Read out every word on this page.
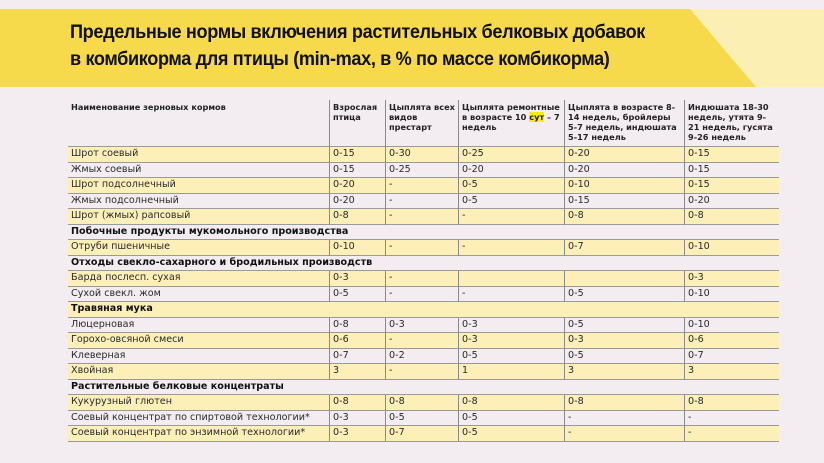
Предельные нормы включения растительных белковых добавок
в комбикорма для птицы (min-max, в % по массе комбикорма)
Наименование зерновых кормов	Взрослая птица	Цыплята всех видов престарт	Цыплята ремонтные в возрасте 10 сут – 7 недель	Цыплята в возрасте 8-14 недель, бройлеры 5-7 недель, индюшата 5-17 недель	Индюшата 18-30 недель, утята 9-21 недель, гусята 9-26 недель
Шрот соевый	0-15	0-30	0-25	0-20	0-15
Жмых соевый	0-15	0-25	0-20	0-20	0-15
Шрот подсолнечный	0-20	-	0-5	0-10	0-15
Жмых подсолнечный	0-20	-	0-5	0-15	0-20
Шрот (жмых) рапсовый	0-8	-	-	0-8	0-8
Побочные продукты мукомольного производства					
Отруби пшеничные	0-10	-	-	0-7	0-10
Отходы свекло-сахарного и бродильных производств					
Барда послесп. сухая	0-3	-			0-3
Сухой свекл. жом	0-5	-	-	0-5	0-10
Травяная мука					
Люцерновая	0-8	0-3	0-3	0-5	0-10
Горохо-овсяной смеси	0-6	-	0-3	0-3	0-6
Клеверная	0-7	0-2	0-5	0-5	0-7
Хвойная	3	-	1	3	3
Растительные белковые концентраты					
Кукурузный глютен	0-8	0-8	0-8	0-8	0-8
Соевый концентрат по спиртовой технологии*	0-3	0-5	0-5	-	-
Соевый концентрат по энзимной технологии*	0-3	0-7	0-5	-	-
